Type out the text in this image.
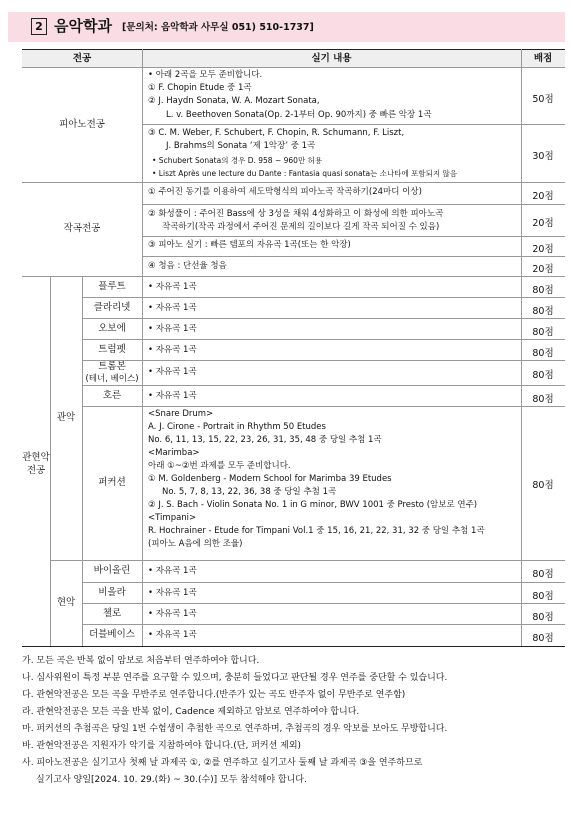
2 음악학과 [문의처: 음악학과 사무실 051) 510-1737]
전공	실기 내용	배점
피아노전공
• 아래 2곡을 모두 준비합니다.
① F. Chopin Etude 중 1곡
② J. Haydn Sonata, W. A. Mozart Sonata,
L. v. Beethoven Sonata(Op. 2-1부터 Op. 90까지) 중 빠른 악장 1곡
50점
③ C. M. Weber, F. Schubert, F. Chopin, R. Schumann, F. Liszt,
J. Brahms의 Sonata ‘제 1악장’ 중 1곡
• Schubert Sonata의 경우 D. 958 ~ 960만 허용
• Liszt Après une lecture du Dante : Fantasia quasi sonata는 소나타에 포함되지 않음
30점
작곡전공
① 주어진 동기를 이용하여 세도막형식의 피아노곡 작곡하기(24마디 이상)
② 화성풀이 : 주어진 Bass에 상 3성을 채워 4성화하고 이 화성에 의한 피아노곡
작곡하기(작곡 과정에서 주어진 문제의 길이보다 길게 작곡 되어질 수 있음)
③ 피아노 실기 : 빠른 템포의 자유곡 1곡(또는 한 악장)
④ 청음 : 단선율 청음
20점
20점
20점
20점
관현악
전공
관악
현악
플루트
클라리넷
오보에
트럼펫
트롬본
(테너, 베이스)
호른
퍼커션
바이올린
비올라
첼로
더블베이스
• 자유곡 1곡
• 자유곡 1곡
• 자유곡 1곡
• 자유곡 1곡
• 자유곡 1곡
• 자유곡 1곡
• 자유곡 1곡
• 자유곡 1곡
• 자유곡 1곡
• 자유곡 1곡
<Snare Drum>
A. J. Cirone - Portrait in Rhythm 50 Etudes
No. 6, 11, 13, 15, 22, 23, 26, 31, 35, 48 중 당일 추첨 1곡
<Marimba>
아래 ①~②번 과제를 모두 준비합니다.
① M. Goldenberg - Modern School for Marimba 39 Etudes
No. 5, 7, 8, 13, 22, 36, 38 중 당일 추첨 1곡
② J. S. Bach - Violin Sonata No. 1 in G minor, BWV 1001 중 Presto (암보로 연주)
<Timpani>
R. Hochrainer - Etude for Timpani Vol.1 중 15, 16, 21, 22, 31, 32 중 당일 추첨 1곡
(피아노 A음에 의한 조율)
80점
80점
80점
80점
80점
80점
80점
80점
80점
80점
80점
가. 모든 곡은 반복 없이 암보로 처음부터 연주하여야 합니다.
나. 심사위원이 특정 부분 연주를 요구할 수 있으며, 충분히 들었다고 판단될 경우 연주를 중단할 수 있습니다.
다. 관현악전공은 모든 곡을 무반주로 연주합니다.(반주가 있는 곡도 반주자 없이 무반주로 연주함)
라. 관현악전공은 모든 곡을 반복 없이, Cadence 제외하고 암보로 연주하여야 합니다.
마. 퍼커션의 추첨곡은 당일 1번 수험생이 추첨한 곡으로 연주하며, 추첨곡의 경우 악보를 보아도 무방합니다.
바. 관현악전공은 지원자가 악기를 지참하여야 합니다.(단, 퍼커션 제외)
사. 피아노전공은 실기고사 첫째 날 과제곡 ①, ②를 연주하고 실기고사 둘째 날 과제곡 ③을 연주하므로
실기고사 양일[2024. 10. 29.(화) ~ 30.(수)] 모두 참석해야 합니다.
